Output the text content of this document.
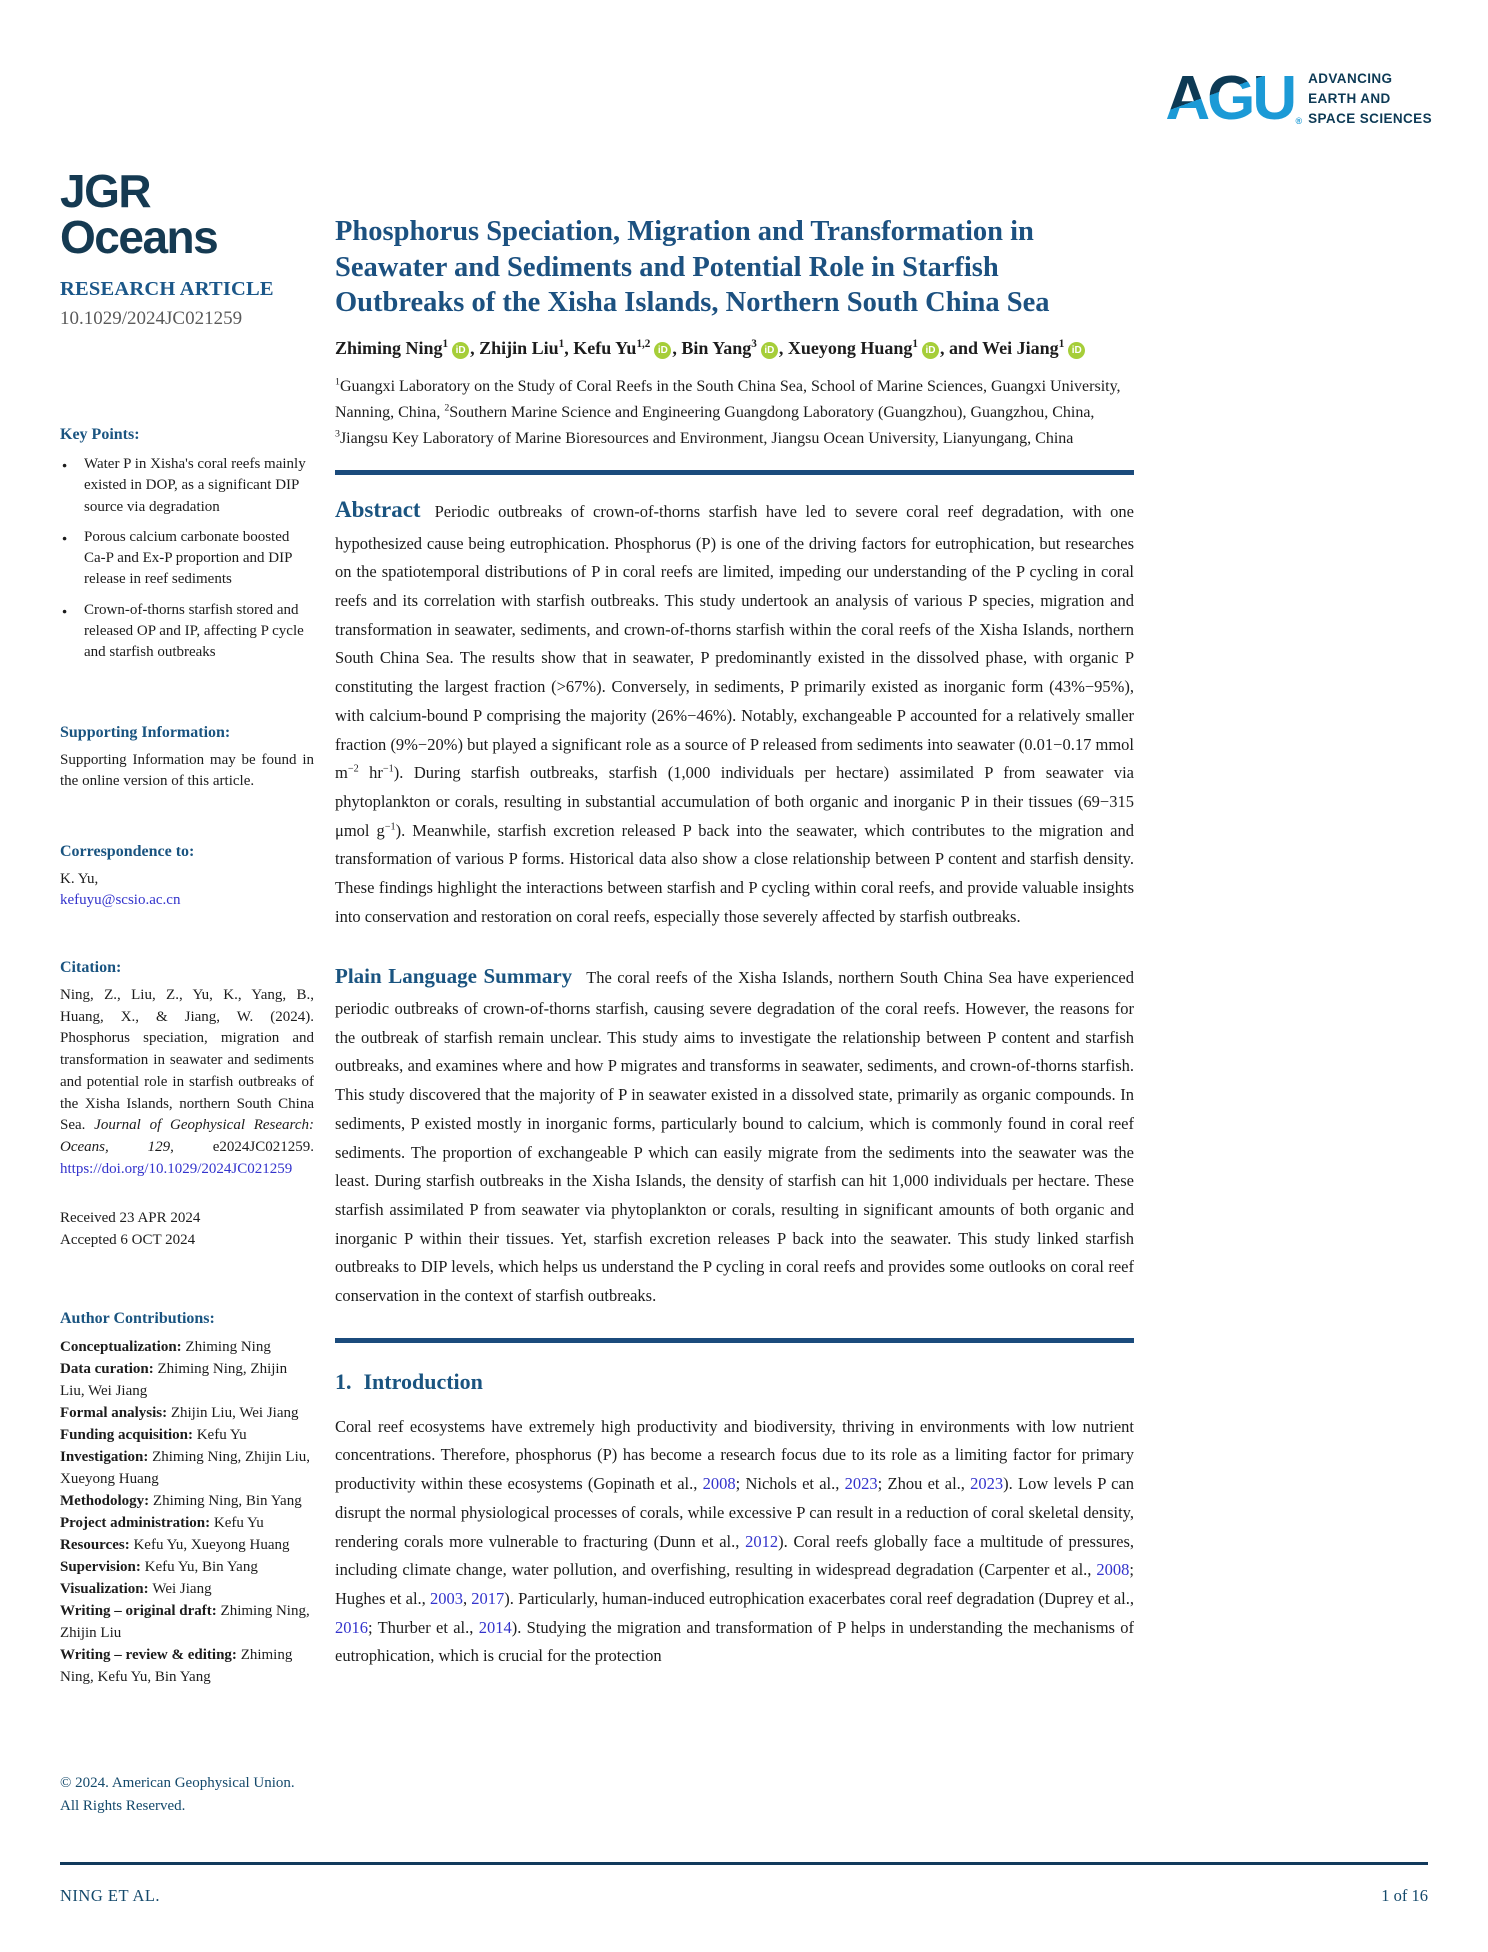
AGU ®
ADVANCING
EARTH AND
SPACE SCIENCES
JGR Oceans
RESEARCH ARTICLE
10.1029/2024JC021259
Key Points:
● Water P in Xisha's coral reefs mainly existed in DOP, as a significant DIP source via degradation
● Porous calcium carbonate boosted Ca-P and Ex-P proportion and DIP release in reef sediments
● Crown-of-thorns starfish stored and released OP and IP, affecting P cycle and starfish outbreaks
Supporting Information:
Supporting Information may be found in the online version of this article.
Correspondence to:
K. Yu,
kefuyu@scsio.ac.cn
Citation:
Ning, Z., Liu, Z., Yu, K., Yang, B., Huang, X., & Jiang, W. (2024). Phosphorus speciation, migration and transformation in seawater and sediments and potential role in starfish outbreaks of the Xisha Islands, northern South China Sea. Journal of Geophysical Research: Oceans, 129, e2024JC021259. https://doi.org/10.1029/2024JC021259
Received 23 APR 2024
Accepted 6 OCT 2024
Author Contributions:
Conceptualization: Zhiming Ning
Data curation: Zhiming Ning, Zhijin Liu, Wei Jiang
Formal analysis: Zhijin Liu, Wei Jiang
Funding acquisition: Kefu Yu
Investigation: Zhiming Ning, Zhijin Liu, Xueyong Huang
Methodology: Zhiming Ning, Bin Yang
Project administration: Kefu Yu
Resources: Kefu Yu, Xueyong Huang
Supervision: Kefu Yu, Bin Yang
Visualization: Wei Jiang
Writing – original draft: Zhiming Ning, Zhijin Liu
Writing – review & editing: Zhiming Ning, Kefu Yu, Bin Yang
© 2024. American Geophysical Union. All Rights Reserved.
Phosphorus Speciation, Migration and Transformation in Seawater and Sediments and Potential Role in Starfish Outbreaks of the Xisha Islands, Northern South China Sea
Zhiming Ning$^1$iD , Zhijin Liu$^1$, Kefu Yu$^{1,2}$iD , Bin Yang$^3$iD , Xueyong Huang$^1$iD , and Wei Jiang$^1$iD
$^1$Guangxi Laboratory on the Study of Coral Reefs in the South China Sea, School of Marine Sciences, Guangxi University, Nanning, China, $^2$Southern Marine Science and Engineering Guangdong Laboratory (Guangzhou), Guangzhou, China, $^3$Jiangsu Key Laboratory of Marine Bioresources and Environment, Jiangsu Ocean University, Lianyungang, China

Abstract Periodic outbreaks of crown-of-thorns starfish have led to severe coral reef degradation, with one hypothesized cause being eutrophication. Phosphorus (P) is one of the driving factors for eutrophication, but researches on the spatiotemporal distributions of P in coral reefs are limited, impeding our understanding of the P cycling in coral reefs and its correlation with starfish outbreaks. This study undertook an analysis of various P species, migration and transformation in seawater, sediments, and crown-of-thorns starfish within the coral reefs of the Xisha Islands, northern South China Sea. The results show that in seawater, P predominantly existed in the dissolved phase, with organic P constituting the largest fraction (>67%). Conversely, in sediments, P primarily existed as inorganic form (43%−95%), with calcium-bound P comprising the majority (26%−46%). Notably, exchangeable P accounted for a relatively smaller fraction (9%−20%) but played a significant role as a source of P released from sediments into seawater (0.01−0.17 mmol $m^{-2}$ $hr^{-1}$). During starfish outbreaks, starfish (1,000 individuals per hectare) assimilated P from seawater via phytoplankton or corals, resulting in substantial accumulation of both organic and inorganic P in their tissues (69−315 μmol $g^{-1}$). Meanwhile, starfish excretion released P back into the seawater, which contributes to the migration and transformation of various P forms. Historical data also show a close relationship between P content and starfish density. These findings highlight the interactions between starfish and P cycling within coral reefs, and provide valuable insights into conservation and restoration on coral reefs, especially those severely affected by starfish outbreaks.

Plain Language Summary The coral reefs of the Xisha Islands, northern South China Sea have experienced periodic outbreaks of crown-of-thorns starfish, causing severe degradation of the coral reefs. However, the reasons for the outbreak of starfish remain unclear. This study aims to investigate the relationship between P content and starfish outbreaks, and examines where and how P migrates and transforms in seawater, sediments, and crown-of-thorns starfish. This study discovered that the majority of P in seawater existed in a dissolved state, primarily as organic compounds. In sediments, P existed mostly in inorganic forms, particularly bound to calcium, which is commonly found in coral reef sediments. The proportion of exchangeable P which can easily migrate from the sediments into the seawater was the least. During starfish outbreaks in the Xisha Islands, the density of starfish can hit 1,000 individuals per hectare. These starfish assimilated P from seawater via phytoplankton or corals, resulting in significant amounts of both organic and inorganic P within their tissues. Yet, starfish excretion releases P back into the seawater. This study linked starfish outbreaks to DIP levels, which helps us understand the P cycling in coral reefs and provides some outlooks on coral reef conservation in the context of starfish outbreaks.

1. Introduction

Coral reef ecosystems have extremely high productivity and biodiversity, thriving in environments with low nutrient concentrations. Therefore, phosphorus (P) has become a research focus due to its role as a limiting factor for primary productivity within these ecosystems (Gopinath et al., 2008; Nichols et al., 2023; Zhou et al., 2023). Low levels P can disrupt the normal physiological processes of corals, while excessive P can result in a reduction of coral skeletal density, rendering corals more vulnerable to fracturing (Dunn et al., 2012). Coral reefs globally face a multitude of pressures, including climate change, water pollution, and overfishing, resulting in widespread degradation (Carpenter et al., 2008; Hughes et al., 2003, 2017). Particularly, human-induced eutrophication exacerbates coral reef degradation (Duprey et al., 2016; Thurber et al., 2014). Studying the migration and transformation of P helps in understanding the mechanisms of eutrophication, which is crucial for the protection

NING ET AL.	1 of 16
